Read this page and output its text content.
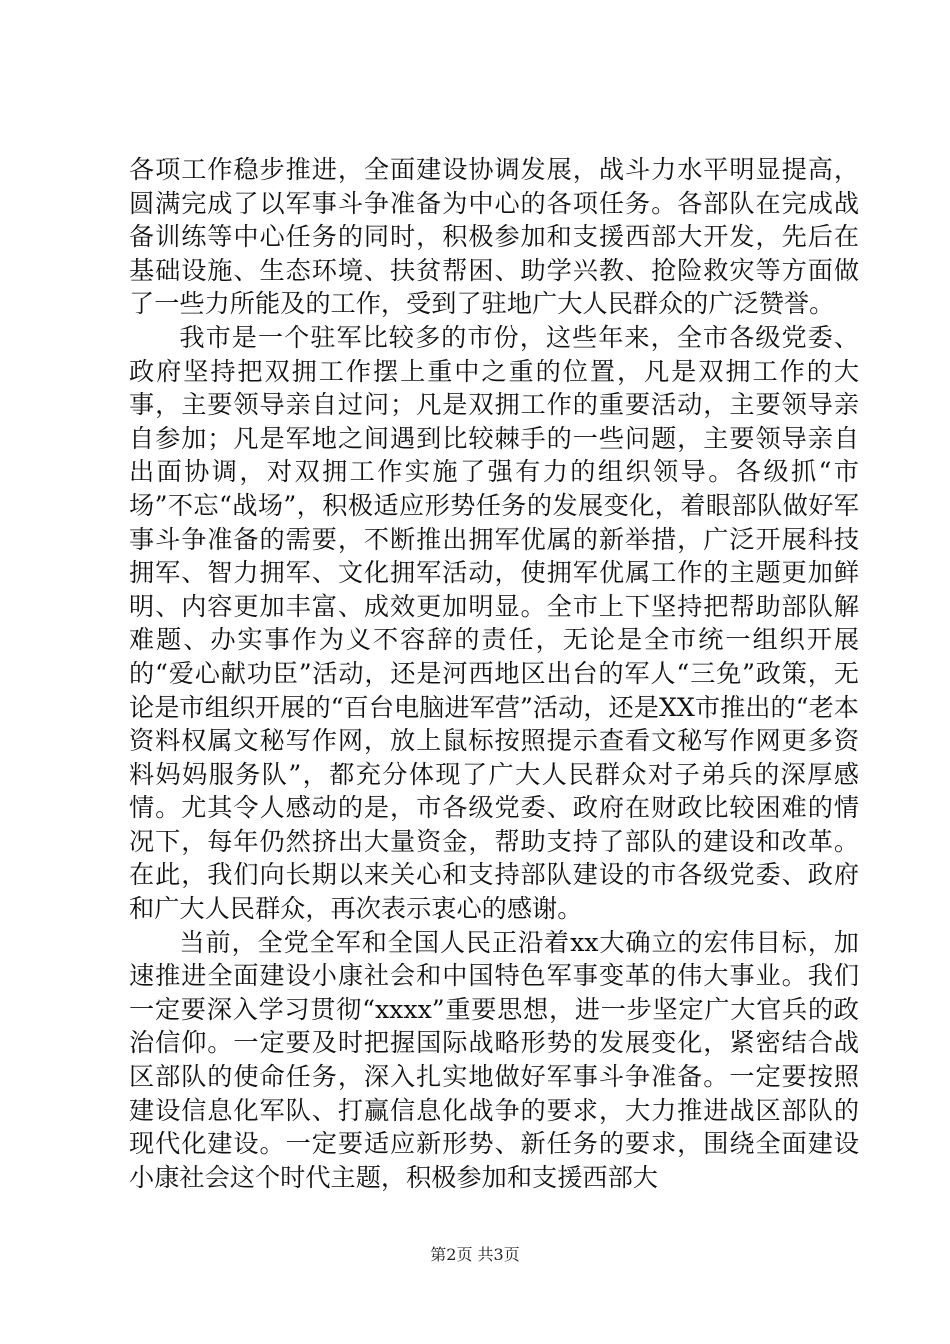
各项工作稳步推进，全面建设协调发展，战斗力水平明显提高，圆满完成了以军事斗争准备为中心的各项任务。各部队在完成战备训练等中心任务的同时，积极参加和支援西部大开发，先后在基础设施、生态环境、扶贫帮困、助学兴教、抢险救灾等方面做了一些力所能及的工作，受到了驻地广大人民群众的广泛赞誉。

我市是一个驻军比较多的市份，这些年来，全市各级党委、政府坚持把双拥工作摆上重中之重的位置，凡是双拥工作的大事，主要领导亲自过问；凡是双拥工作的重要活动，主要领导亲自参加；凡是军地之间遇到比较棘手的一些问题，主要领导亲自出面协调，对双拥工作实施了强有力的组织领导。各级抓“市场”不忘“战场”，积极适应形势任务的发展变化，着眼部队做好军事斗争准备的需要，不断推出拥军优属的新举措，广泛开展科技拥军、智力拥军、文化拥军活动，使拥军优属工作的主题更加鲜明、内容更加丰富、成效更加明显。全市上下坚持把帮助部队解难题、办实事作为义不容辞的责任，无论是全市统一组织开展的“爱心献功臣”活动，还是河西地区出台的军人“三免”政策，无论是市组织开展的“百台电脑进军营”活动，还是XX市推出的“老本资料权属文秘写作网，放上鼠标按照提示查看文秘写作网更多资料妈妈服务队”，都充分体现了广大人民群众对子弟兵的深厚感情。尤其令人感动的是，市各级党委、政府在财政比较困难的情况下，每年仍然挤出大量资金，帮助支持了部队的建设和改革。在此，我们向长期以来关心和支持部队建设的市各级党委、政府和广大人民群众，再次表示衷心的感谢。

当前，全党全军和全国人民正沿着xx大确立的宏伟目标，加速推进全面建设小康社会和中国特色军事变革的伟大事业。我们一定要深入学习贯彻“xxxx”重要思想，进一步坚定广大官兵的政治信仰。一定要及时把握国际战略形势的发展变化，紧密结合战区部队的使命任务，深入扎实地做好军事斗争准备。一定要按照建设信息化军队、打赢信息化战争的要求，大力推进战区部队的现代化建设。一定要适应新形势、新任务的要求，围绕全面建设小康社会这个时代主题，积极参加和支援西部大

第2页 共3页
